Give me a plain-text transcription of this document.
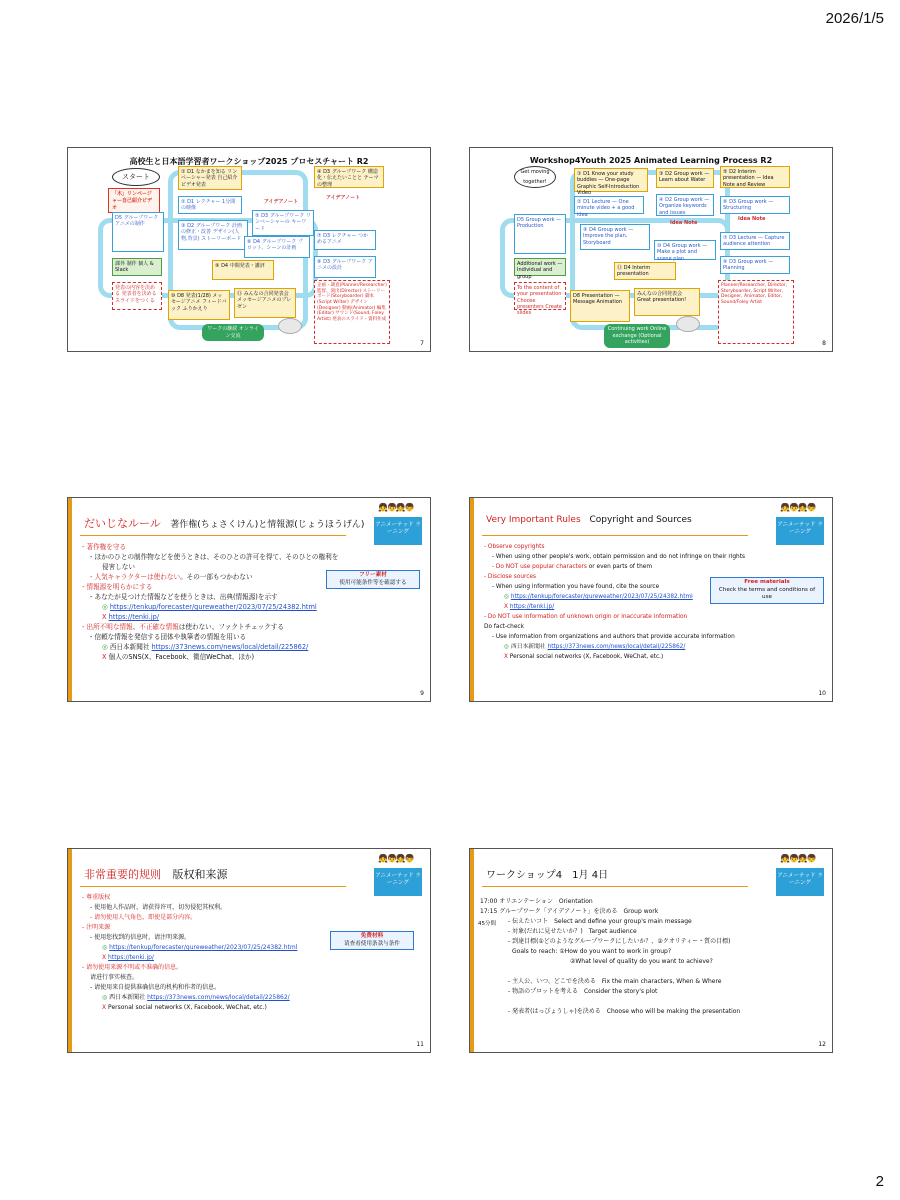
2026/1/5
2
高校生と日本語学習者ワークショップ2025 プロセスチャート R2
スタート
「木」リンページャー自己紹介ビデオ
① D1 なかまを知る リンペーシャー発表 自己紹介ビデオ発表
② D1 レクチャー 1分間の映像
③ D2 グループワーク 計画の修正・改善 デザイン(人物,背景) ストーリーボード
④ D3 グループワーク 構造化・伝えたいことと テーマの整理
⑤ D3 グループワーク リンペーシャーの キーワード
⑥ D4 グループワーク プロット、シーンの計画
⑦ D3 レクチャー つかめるアニメ
⑧ D3 グループワーク アニメの設計
⑨ D4 中間発表・講評
⑩ D8 発表(1/28) メッセージアニメ フィードバック ふりかえり
⑪ みんなの合同発表会 メッセージアニメのプレゼン
D5 グループワーク アニメの制作
課外 制作 個人 & Slack
発表の内容を決める 発表者を決める スライドをつくる
アイデアノート
アイデアノート
ワークの継続 オンライン交流
企画・調査(Planner/Researcher) 監督、演出(Director) ストーリーボード(Storyboarder) 脚本(Script Writer) デザイン(Designer) 動画(Animator) 編集(Editor) サウンド(Sound, Foley Artist) 発表のスライド・資料作成
7
Workshop4Youth 2025 Animated Learning Process R2
Get moving together!
① D1 Know your study buddies — One-page Graphic Self-Introduction Video
② D1 Lecture — One minute video + a good idea
③ D2 Group work — Learn about Water
④ D2 Group work — Organize keywords and issues
⑤ D2 Interim presentation — Idea Note and Review
⑥ D3 Group work — Structuring
⑦ D3 Lecture — Capture audience attention
⑧ D3 Group work — Planning
⑨ D4 Group work — Improve the plan, Storyboard
⑩ D4 Group work — Make a plot and scene plan
⑪ D4 Interim presentation
D5 Group work — Production
Additional work — Individual and group
D8 Presentation — Message Animation
みんなの合同発表会 Great presentation!
To the content of your presentation Choose presenters Create slides
Idea Note
Idea Note
Continuing work Online exchange (Optional activities)
Planner/Researcher, Director, Storyboarder, Script Writer, Designer, Animator, Editor, Sound/Foley Artist
8
だいじなルール 著作権(ちょさくけん)と情報源(じょうほうげん)
👧👦👧👦
アニメーテッド ラーニング
フリー素材
使用可能条件等を確認する
- 著作権を守る
- ほかのひとの制作物などを使うときは、そのひとの許可を得て、そのひとの権利を
侵害しない
- 人気キャラクターは使わない。その一部もつかわない
- 情報源を明らかにする
- あなたが見つけた情報などを使うときは、出典(情報源)を示す
◎ https://tenkup/forecaster/gureweather/2023/07/25/24382.html
X https://tenki.jp/
- 出所不明な情報、不正確な情報は使わない、ファクトチェックする
- 信頼な情報を発信する団体や執筆者の情報を用いる
◎ 西日本新聞社 https://373news.com/news/local/detail/225862/
X 個人のSNS(X、Facebook、微信WeChat、ほか)
9
Very Important Rules Copyright and Sources
👧👦👧👦
アニメーテッド ラーニング
Free materials
Check the terms and conditions of use
- Observe copyrights
- When using other people's work, obtain permission and do not infringe on their rights
- Do NOT use popular characters or even parts of them
- Disclose sources
- When using information you have found, cite the source
◎ https://tenkup/forecaster/gureweather/2023/07/25/24382.html
X https://tenki.jp/
- Do NOT use information of unknown origin or inaccurate information
Do fact-check
- Use information from organizations and authors that provide accurate information
◎ 西日本新聞社 https://373news.com/news/local/detail/225862/
X Personal social networks (X, Facebook, WeChat, etc.)
10
非常重要的规则 版权和来源
👧👦👧👦
アニメーテッド ラーニング
免费材料
请查看使用条款与条件
- 尊重版权
- 使用他人作品时，请获得许可，切勿侵犯其权利。
- 请勿使用人气角色，即使是部分内容。
- 注明来源
- 使用您找到的信息时，请注明来源。
◎ https://tenkup/forecaster/gureweather/2023/07/25/24382.html
X https://tenki.jp/
- 请勿使用来源不明或不准确的信息。
请进行事实核查。
- 请使用来自提供准确信息的机构和作者的信息。
◎ 西日本新聞社 https://373news.com/news/local/detail/225862/
X Personal social networks (X, Facebook, WeChat, etc.)
11
ワークショップ4　1月 4日
👧👦👧👦
アニメーテッド ラーニング
17:00 オリエンテーション　Orientation
17:15 グループワーク「アイデアノート」を決める　Group work
- 伝えたいコト　Select and define your group's main message
- 対象(だれに見せたいか？)　Target audience
- 到達目標(①どのようなグループワークにしたいか？、②クオリティー・質の目標)
Goals to reach: ①How do you want to work in group?
②What level of quality do you want to achieve?

- 主人公、いつ、どこでを決める　Fix the main characters, When & Where
- 物語のプロットを考える　Consider the story's plot

- 発表者(はっぴょうしゃ)を決める　Choose who will be making the presentation
45分間
12
